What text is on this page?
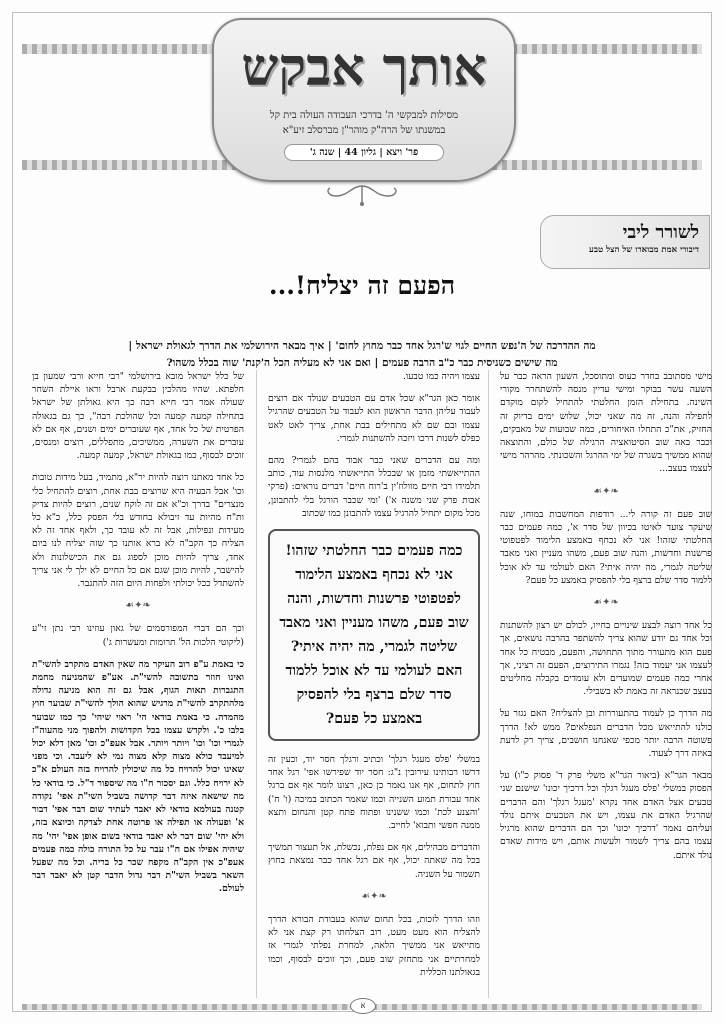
אותך אבקש
מסילות למבקשי ה' בדרכי העבודה העולה בית קל
במשנתו של הרה"ק מוהר"ן מברסלב זיע"א
פר' ויצא | גליון 44 | שנה ג'
לשורר ליבי
דיבורי אמת מבוארו של הצל טבע
הפעם זה יצליח!...
מה ההדרכה של ה'נפש החיים לגוי ש'רגל אחד כבר מחוץ לחום' | איך מבאר הירושלמי את הדרך לגאולת ישראל |
מה שישים כשניסית כבר כ"ב הרבה פעמים | ואם אני לא מעליה הכל ה'קנת' שוה בכלל משהו?

מישי מסתובב בחדר כעוס ומתוסכל, השעון הראה כבר על השעה עשר בבוקר ומישי עדיין מנסה להשתחרר מקורי השינה. בתחילת הזמן החלטתי להתחיל לקום מוקדם לתפילה והנה, זה מה שאני יכול, שלוש ימים בדיוק זה החזיק, את"כ התחלו האיחורים, כמה שבועות של מאבקים, וכבר באה שוב הסיטואציה הרגילה של כולם, והתוצאה שהוא ממשיך בשגרה של ימי ההרגל והשכונתי. מהרהר מישי לעצמו בעצב...

❧✦☙

שוב פעם זה קורה לי... רודפות המחשבות במוחו, שנה שיעקר צועד לאיטו בכיוון של סדר א', כמה פעמים כבר החלטתי שזהו! אני לא נכחף באמצע הלימוד לפטפוטי פרשנות וחדשות, והנה שוב פעם, משהו מעניין ואני מאבד שליטה לגמרי, מה יהיה איתי? האם לעולמי עד לא אוכל ללמוד סדר שלם ברצף בלי להפסיק באמצע כל פעם?

❧✦☙

כל אחד רוצה לבצע שינויים בחייו, לכולם יש רצון להשתנות וכל אחד גם יודע שהוא צריך להשתפר בהרבה נושאים, אך פעם הוא מתעורר מתוך התחושה, והפעם, מבטיח כל אחד לעצמו אני יעמוד בזה! נגמרו התירוצים, הפעם זה רציני, אך אחרי כמה פעמים שמועדים ולא עומדים בקבלה מחליטים בעצב שכנראה זה באמת לא בשבילי.

מה הדרך כן לעמוד בהתעוררות ובן להצליח? האם נגזר על כולנו להתייאש מכל הדברים הנפלאים? ממש לא! הדרך פשוטה הרבה יותר מכפי שאנחנו חושבים, צריך רק לדעת באיזה דרך לצעוד.

מבאר הגר"א (ביאור הגר"א משלי פרק ד' פסוק כ"ו) על הפסוק במשלי 'פלס מעגל רגלך וכל דרכיך יכונו' שישנם שני טבעים אצל האדם אחד נקרא 'מעגל רגלך' והם הדברים שהרגיל האדם את עצמו, ויש את הטבעים איתם נולד ועליהם נאמר 'דרכיך יכונו' וכך הם הדברים שהוא מרגיל עצמו בהם צריך לשמור ולעשות אותם, ויש מידות שאדם נולד איתם.

עצמו ויהיה כמו טבעו.

אומר כאן הגר"א שכל אדם עם הטבעים שנולד אם רוצים לעבוד עליהן הדבר הראשון הוא לעבוד על הטבעים שהרגיל עצמו ובם שם לא מתחילים בבת אחת, צריך לאט לאט כפלס לשנות דרכו ויזכה להשתנות לגמרי.

ומה עם הדברים שאני כבר אבוד בהם לגמרי? מהם ההתייאשתי מזמן או שבכלל התייאשתי מלנסות עוד, כותב תלמידו רבי חיים מוולוז'ין ב'רוח חיים' דברים נוראים: (פרקי אבות פרק שני משנה א') 'ומי שכבר הורגל בלי להתבונן, מכל מקום יתחיל להרגיל עצמו להתבונן כמו שכתוב

כמה פעמים כבר החלטתי שזהו! אני לא נכחף באמצע הלימוד לפטפוטי פרשנות וחדשות, והנה שוב פעם, משהו מעניין ואני מאבד שליטה לגמרי, מה יהיה איתי? האם לעולמי עד לא אוכל ללמוד סדר שלם ברצף בלי להפסיק באמצע כל פעם?

במשלי 'פלס מעגל רגלך' וכתיב ורגלך חסר יוד, וכעין זה דרשו רבותינו עירובין נ"ג: חסר יוד שפירשו אפי' רגל אחד חוץ לתחום, אף אנו נאמר כן כאן, רצונו לומר אף אם ברגל אחד עבורת תמוע השנייה וכמו שאמר הכתוב במיכה (ו' ח') 'והצנע לכת' וכמו ששנינו ופתוח פתח קטן והנחום ותצא ממנה חפשי ותבוא' לחייב.

והדברים מבהילים, אף אם נפלת, נכשלת, אל תעצור תמשיך בכל מה שאתה יכול, אף אם רגל אחד כבר נמצאת בחוץ תשמור על השניה.

❧✦☙

וזהו הדרך לזכות, בכל תחום שהוא בעבודת הבורא הדרך להצליח הוא מעט מעט, רוב הצלחתו רק קצת אני לא מתייאש אני ממשיך הלאה, למחרת נפלתי לגמרי אז למחרתיים אני מתחזק שוב פעם, וכך זוכים לבסוף, וכמו בגאולתנו הכללית

של כלל ישראל מובא בירושלמי "רבי חייא ורבי שמעון בן חלפתא. שהיו מהלכין בבקעת ארבל וראו איילת השחר שעולה אמר רבי חייא רבה כך היא גאולתן של ישראל בתחילה קמעה קמעה וכל שהולכת רבה", כך גם בגאולה הפרטית של כל אחד, אף שעוברים ימים ושנים, אף אם לא עוברים את השערה, ממשיכים, מתפללים, רוצים ומנסים, זוכים לבסוף, כמו בגאולת ישראל, קמעה קמעה.

כל אחד מאתנו רוצה להיות יר"א, מתמיד, בעל מידות טובות וכו' אבל הבעיה היא שרוצים בבת אחת, רוצים להתחיל כלי מנצרים" בדרך וכ"א אם זה לוקח שנים, רוצים להיות צדיק ות"ח מהיות עד זיבולא בחודש בלי הפסק כלל, כ"א כל מעידות ונפילות, אבל זה לא עובד כך, ולאף אחד זה לא הצליח כך הקב"ה לא ברא אותנו כך שזה יצליח לנו ביום אחד, צריך להיות מוכן לספוג גם את הכישלונות ולא להישבר, להיות מוכן שגם אם כל החיים לא ילך לי אני צריך להשתדל ככל יכולתי ולפחות היום הזה להתגבר.

❧✦☙

וכך הם דברי המפורסמים של גאון עוזינו רבי נתן זי"ע (ליקוטי הלכות הל' תרומות ומעשרות ג')

כי באמת ע"פ רוב העיקר מה שאין האדם מתקרב להשי"ת ואינו חוזר בתשובה להשי"ת. אע"פ שהמניעה מחמת התגברות תאות הגוף, אבל גם זה הוא מניעה גדולה מלהתקרב להשי"ת מרגיש שהוא הולך להשי"ת שבוער חוץ מהמדה. כי באמת בודאי הי' ראוי שיהי' כך כמו שבוער בלבו כ'. ולקדש עצמו בכל הקדושות ולהפוך מני מהעוה"ז לגמרי וכו' וכו' ויותר ויותר. אבל אעפ"כ וכו' מאן דלא יכול למיעבד כולא מצוה קלא מצוה נמי לא ליעבד. וכי מפני שאינו יכול להרויח כל מה שיכולין להרויח בזה העולם א"כ לא ירויח כלל. וגם יסכור ח"ו מה שיספור ד"ל. כי בודאי כל מה שישאה איזה דבר קדושה בשביל השי"ת אפי' נקודה קטנה בעולמא בודאי לא יאבד לעתיד שום דבר אפי' דבור א' ופעולה או תפילה או פרוטה אחת לצדקה וכיוצא בזה, ולא יהי' שום דבר לא יאבד בודאי בשום אופן אפי' יהי' מה שיהיה אפילו אם ח"ו עבר על כל התורה כולה כמה פעמים אעפ"כ אין הקב"ה מקפח שכר כל בריה. וכל מה שפעל השאר בשביל השי"ת דבר גדול הדבר קטן לא יאבד דבר לעולם.

א
